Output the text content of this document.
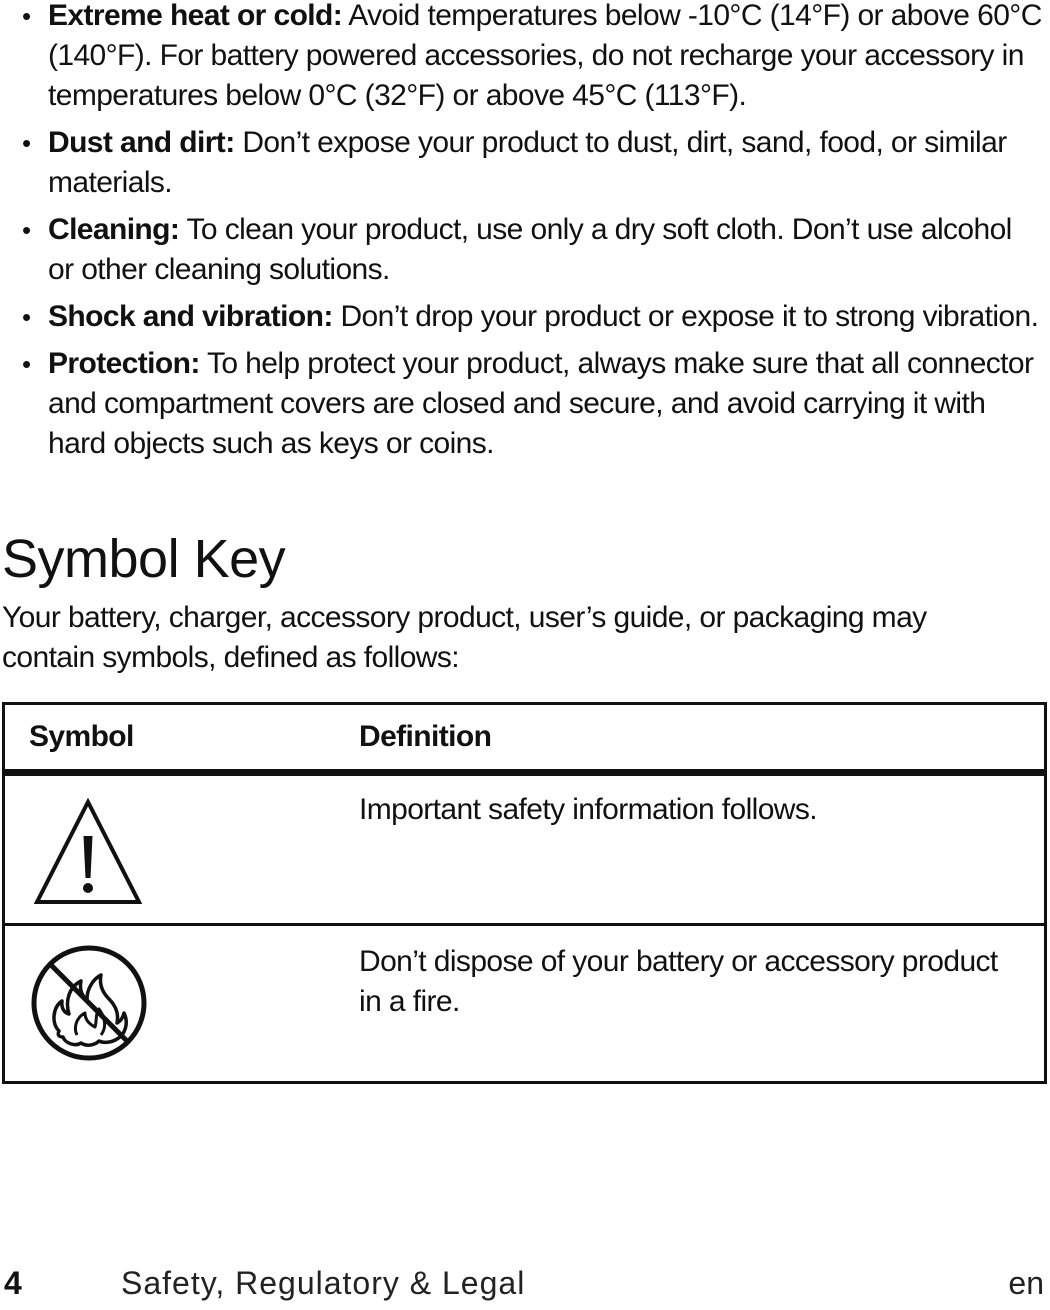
• Extreme heat or cold: Avoid temperatures below -10°C (14°F) or above 60°C (140°F). For battery powered accessories, do not recharge your accessory in temperatures below 0°C (32°F) or above 45°C (113°F).
• Dust and dirt: Don’t expose your product to dust, dirt, sand, food, or similar materials.
• Cleaning: To clean your product, use only a dry soft cloth. Don’t use alcohol or other cleaning solutions.
• Shock and vibration: Don’t drop your product or expose it to strong vibration.
• Protection: To help protect your product, always make sure that all connector and compartment covers are closed and secure, and avoid carrying it with hard objects such as keys or coins.
Symbol Key

Your battery, charger, accessory product, user’s guide, or packaging may contain symbols, defined as follows:

Symbol	Definition
Important safety information follows.
Don’t dispose of your battery or accessory product in a fire.
4	Safety, Regulatory & Legal	en
